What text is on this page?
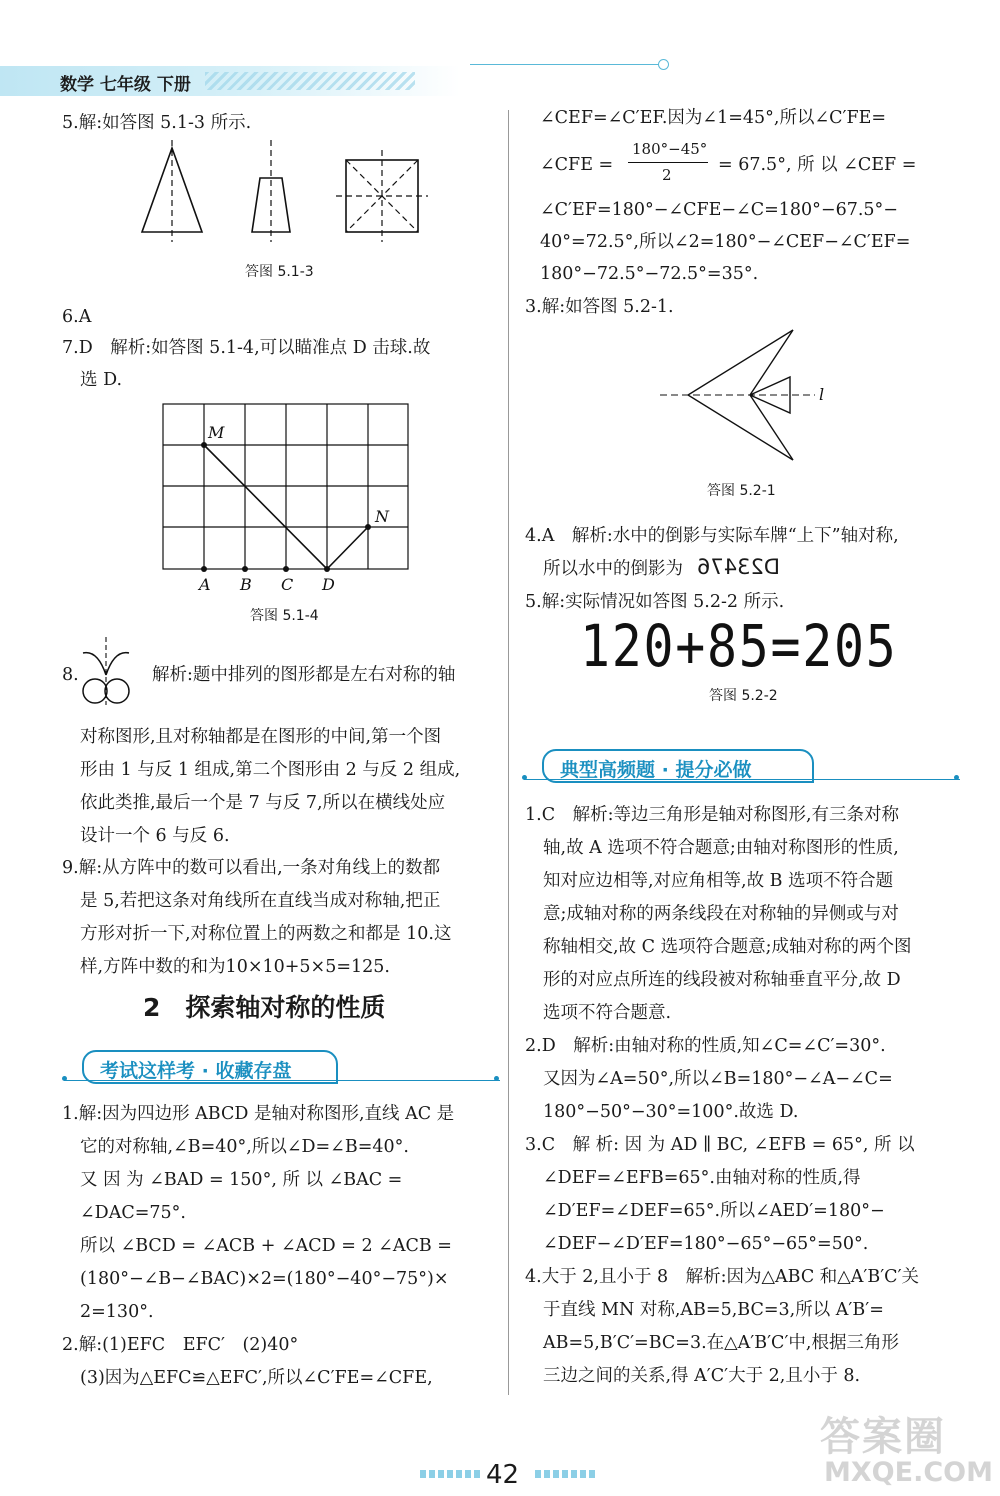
数学 七年级 下册
5.解:如答图 5.1-3 所示.
答图 5.1-3
6.A
7.D　解析:如答图 5.1-4,可以瞄准点 D 击球.故
选 D.
M
N
A B C D
答图 5.1-4
8.	解析:题中排列的图形都是左右对称的轴
对称图形,且对称轴都是在图形的中间,第一个图
形由 1 与反 1 组成,第二个图形由 2 与反 2 组成,
依此类推,最后一个是 7 与反 7,所以在横线处应
设计一个 6 与反 6.
9.解:从方阵中的数可以看出,一条对角线上的数都
是 5,若把这条对角线所在直线当成对称轴,把正
方形对折一下,对称位置上的两数之和都是 10.这
样,方阵中数的和为10×10+5×5=125.
2　探索轴对称的性质
考试这样考 · 收藏存盘
1.解:因为四边形 ABCD 是轴对称图形,直线 AC 是
它的对称轴,∠B=40°,所以∠D=∠B=40°.
又 因 为 ∠BAD = 150°, 所 以 ∠BAC =
∠DAC=75°.
所以 ∠BCD = ∠ACB + ∠ACD = 2 ∠ACB =
(180°−∠B−∠BAC)×2=(180°−40°−75°)×
2=130°.
2.解:(1)EFC　EFC′　(2)40°
(3)因为△EFC≌△EFC′,所以∠C′FE=∠CFE,
∠CEF=∠C′EF.因为∠1=45°,所以∠C′FE=
∠CFE =
180°−45°
2	= 67.5°, 所 以 ∠CEF =
∠C′EF=180°−∠CFE−∠C=180°−67.5°−
40°=72.5°,所以∠2=180°−∠CEF−∠C′EF=
180°−72.5°−72.5°=35°.
3.解:如答图 5.2-1.
l
答图 5.2-1
4.A　解析:水中的倒影与实际车牌“上下”轴对称,
所以水中的倒影为 D23476
5.解:实际情况如答图 5.2-2 所示.
120+85=205
答图 5.2-2
典型高频题 · 提分必做
1.C　解析:等边三角形是轴对称图形,有三条对称
轴,故 A 选项不符合题意;由轴对称图形的性质,
知对应边相等,对应角相等,故 B 选项不符合题
意;成轴对称的两条线段在对称轴的异侧或与对
称轴相交,故 C 选项符合题意;成轴对称的两个图
形的对应点所连的线段被对称轴垂直平分,故 D
选项不符合题意.
2.D　解析:由轴对称的性质,知∠C=∠C′=30°.
又因为∠A=50°,所以∠B=180°−∠A−∠C=
180°−50°−30°=100°.故选 D.
3.C　解 析: 因 为 AD ∥ BC, ∠EFB = 65°, 所 以
∠DEF=∠EFB=65°.由轴对称的性质,得
∠D′EF=∠DEF=65°.所以∠AED′=180°−
∠DEF−∠D′EF=180°−65°−65°=50°.
4.大于 2,且小于 8　解析:因为△ABC 和△A′B′C′关
于直线 MN 对称,AB=5,BC=3,所以 A′B′=
AB=5,B′C′=BC=3.在△A′B′C′中,根据三角形
三边之间的关系,得 A′C′大于 2,且小于 8.
42
答案圈
MXQE.COM
